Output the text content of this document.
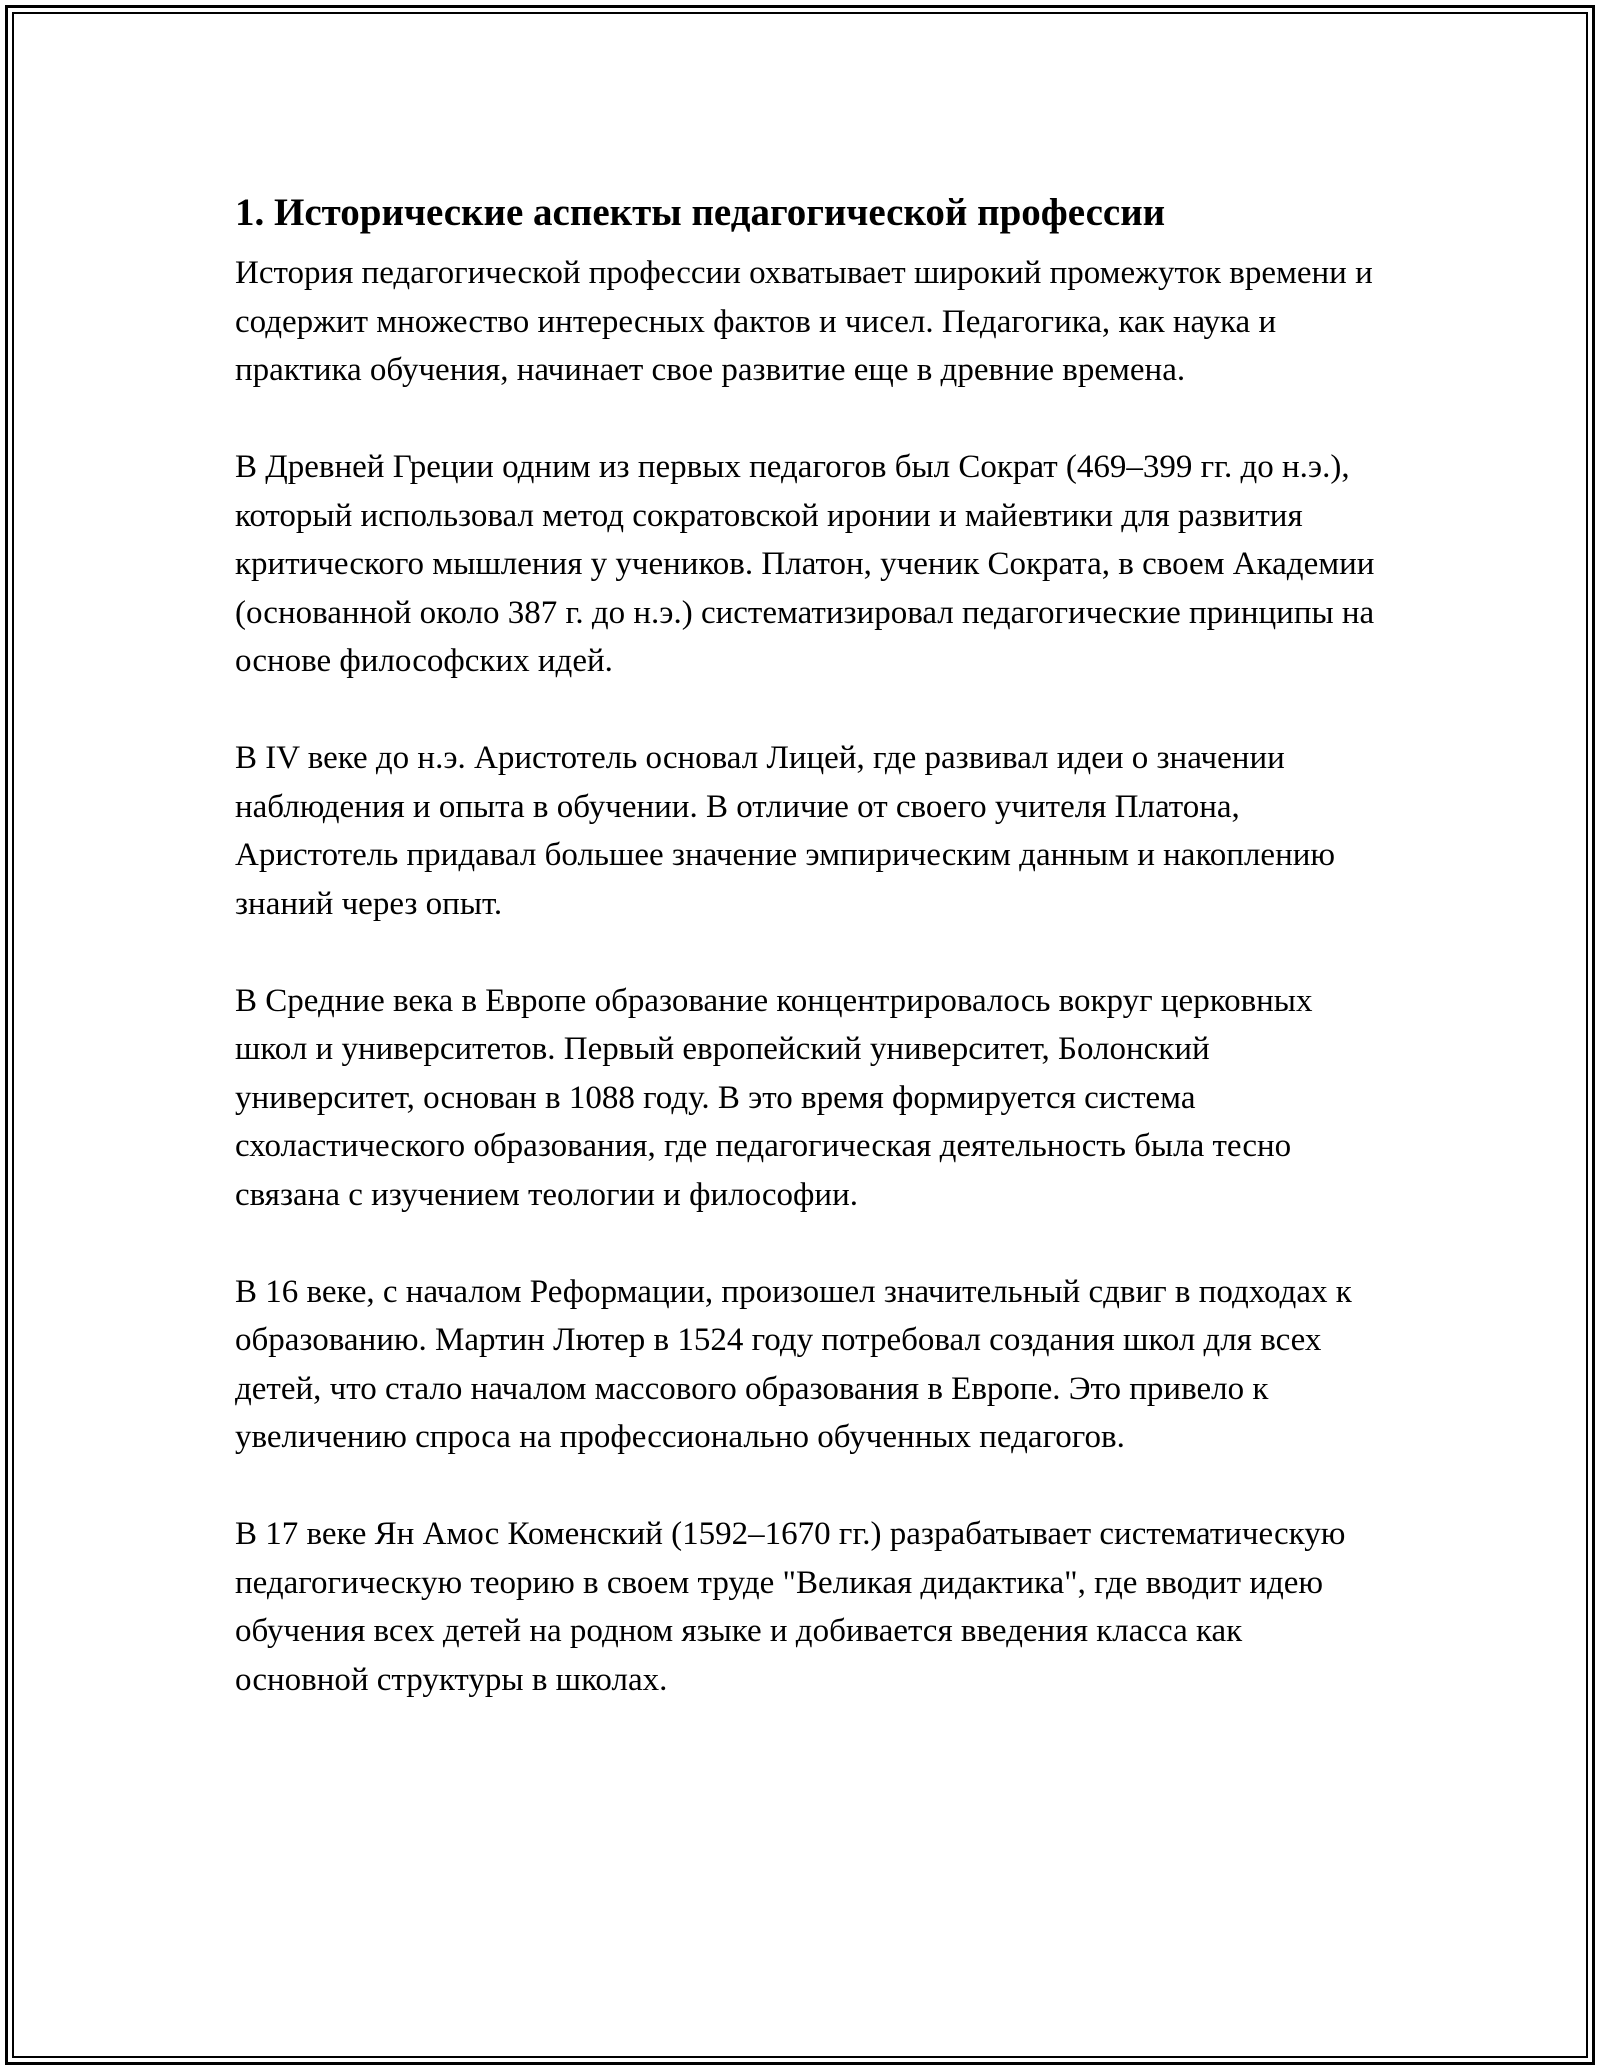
1. Исторические аспекты педагогической профессии

История педагогической профессии охватывает широкий промежуток времени и содержит множество интересных фактов и чисел. Педагогика, как наука и практика обучения, начинает свое развитие еще в древние времена.

В Древней Греции одним из первых педагогов был Сократ (469–399 гг. до н.э.), который использовал метод сократовской иронии и майевтики для развития критического мышления у учеников. Платон, ученик Сократа, в своем Академии (основанной около 387 г. до н.э.) систематизировал педагогические принципы на основе философских идей.

В IV веке до н.э. Аристотель основал Лицей, где развивал идеи о значении наблюдения и опыта в обучении. В отличие от своего учителя Платона, Аристотель придавал большее значение эмпирическим данным и накоплению знаний через опыт.

В Средние века в Европе образование концентрировалось вокруг церковных школ и университетов. Первый европейский университет, Болонский университет, основан в 1088 году. В это время формируется система схоластического образования, где педагогическая деятельность была тесно связана с изучением теологии и философии.

В 16 веке, с началом Реформации, произошел значительный сдвиг в подходах к образованию. Мартин Лютер в 1524 году потребовал создания школ для всех детей, что стало началом массового образования в Европе. Это привело к увеличению спроса на профессионально обученных педагогов.

В 17 веке Ян Амос Коменский (1592–1670 гг.) разрабатывает систематическую педагогическую теорию в своем труде "Великая дидактика", где вводит идею обучения всех детей на родном языке и добивается введения класса как основной структуры в школах.
